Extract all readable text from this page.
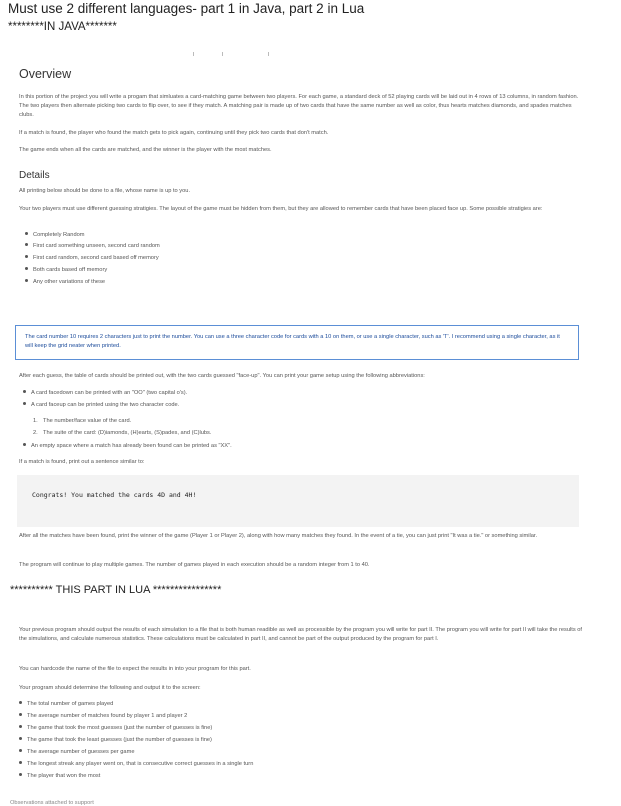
Must use 2 different languages- part 1 in Java, part 2 in Lua
********IN JAVA*******
Overview
In this portion of the project you will write a progam that simluates a card-matching game between two players. For each game, a standard deck of 52 playing cards will be laid out in 4 rows of 13 columns, in random fashion. The two players then alternate picking two cards to flip over, to see if they match. A matching pair is made up of two cards that have the same number as well as color, thus hearts matches diamonds, and spades matches clubs.
If a match is found, the player who found the match gets to pick again, continuing until they pick two cards that don't match.
The game ends when all the cards are matched, and the winner is the player with the most matches.
Details
All printing below should be done to a file, whose name is up to you.
Your two players must use different guessing stratigies. The layout of the game must be hidden from them, but they are allowed to remember cards that have been placed face up. Some possible stratigies are:
Completely Random
First card something unseen, second card random
First card random, second card based off memory
Both cards based off memory
Any other variations of these
The card number 10 requires 2 characters just to print the number. You can use a three character code for cards with a 10 on them, or use a single character, such as 'T'. I recommend using a single character, as it will keep the grid neater when printed.
After each guess, the table of cards should be printed out, with the two cards guessed "face-up". You can print your game setup using the following abbreviations:
A card facedown can be printed with an "OO" (two capital o's).
A card faceup can be printed using the two character code.
1. The number/face value of the card.
2. The suite of the card: (D)iamonds, (H)earts, (S)pades, and (C)lubs.
An empty space where a match has already been found can be printed as "XX".
If a match is found, print out a sentence similar to:
Congrats! You matched the cards 4D and 4H!
After all the matches have been found, print the winner of the game (Player 1 or Player 2), along with how many matches they found. In the event of a tie, you can just print "It was a tie." or something similar.
The program will continue to play multiple games. The number of games played in each execution should be a random integer from 1 to 40.
********** THIS PART IN LUA ****************
Your previous program should output the results of each simulation to a file that is both human readible as well as processible by the program you will write for part II. The program you will write for part II will take the results of the simulations, and calculate numerous statistics. These calculations must be calculated in part II, and cannot be part of the output produced by the program for part I.
You can hardcode the name of the file to expect the results in into your program for this part.
Your program should determine the following and output it to the screen:
The total number of games played
The average number of matches found by player 1 and player 2
The game that took the most guesses (just the number of guesses is fine)
The game that took the least guesses (just the number of guesses is fine)
The average number of guesses per game
The longest streak any player went on, that is consecutive correct guesses in a single turn
The player that won the most
Observations attached to support
